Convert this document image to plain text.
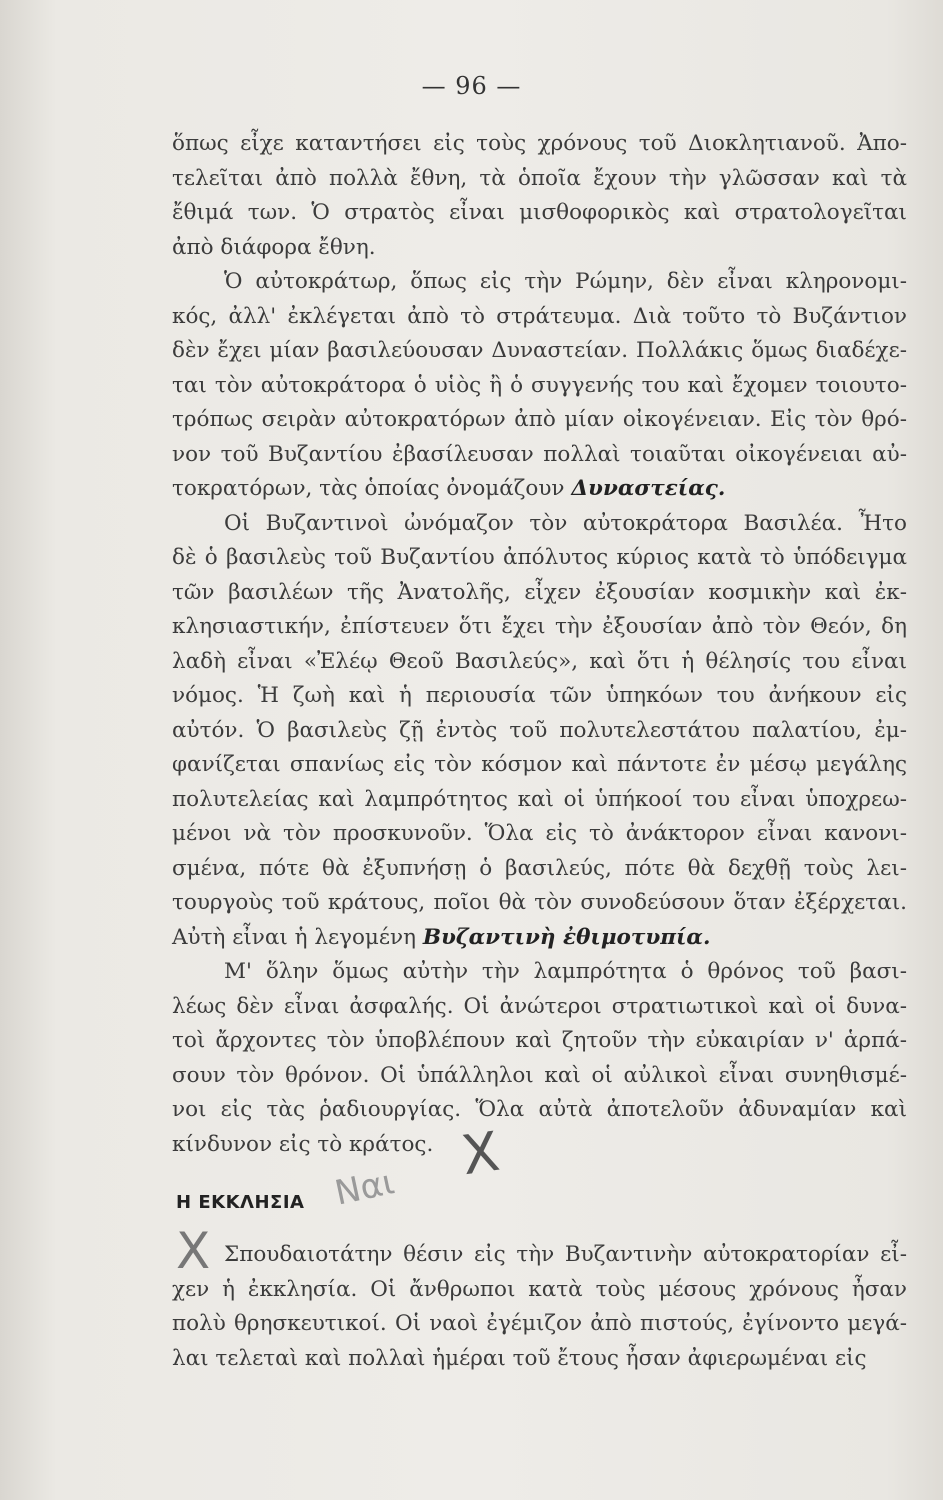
— 96 —

ὅπως εἶχε καταντήσει εἰς τοὺς χρόνους τοῦ Διοκλητιανοῦ. Ἀπο-

τελεῖται ἀπὸ πολλὰ ἔθνη, τὰ ὁποῖα ἔχουν τὴν γλῶσσαν καὶ τὰ

ἔθιμά των. Ὁ στρατὸς εἶναι μισθοφορικὸς καὶ στρατολογεῖται

ἀπὸ διάφορα ἔθνη.

Ὁ αὐτοκράτωρ, ὅπως εἰς τὴν Ρώμην, δὲν εἶναι κληρονομι-

κός, ἀλλ' ἐκλέγεται ἀπὸ τὸ στράτευμα. Διὰ τοῦτο τὸ Βυζάντιον

δὲν ἔχει μίαν βασιλεύουσαν Δυναστείαν. Πολλάκις ὅμως διαδέχε-

ται τὸν αὐτοκράτορα ὁ υἱὸς ἢ ὁ συγγενής του καὶ ἔχομεν τοιουτο-

τρόπως σειρὰν αὐτοκρατόρων ἀπὸ μίαν οἰκογένειαν. Εἰς τὸν θρό-

νον τοῦ Βυζαντίου ἐβασίλευσαν πολλαὶ τοιαῦται οἰκογένειαι αὐ-

τοκρατόρων, τὰς ὁποίας ὀνομάζουν Δυναστείας.

Οἱ Βυζαντινοὶ ὠνόμαζον τὸν αὐτοκράτορα Βασιλέα. Ἦτο

δὲ ὁ βασιλεὺς τοῦ Βυζαντίου ἀπόλυτος κύριος κατὰ τὸ ὑπόδειγμα

τῶν βασιλέων τῆς Ἀνατολῆς, εἶχεν ἐξουσίαν κοσμικὴν καὶ ἐκ-

κλησιαστικήν, ἐπίστευεν ὅτι ἔχει τὴν ἐξουσίαν ἀπὸ τὸν Θεόν, δη

λαδὴ εἶναι «Ἐλέῳ Θεοῦ Βασιλεύς», καὶ ὅτι ἡ θέλησίς του εἶναι

νόμος. Ἡ ζωὴ καὶ ἡ περιουσία τῶν ὑπηκόων του ἀνήκουν εἰς

αὐτόν. Ὁ βασιλεὺς ζῇ ἐντὸς τοῦ πολυτελεστάτου παλατίου, ἐμ-

φανίζεται σπανίως εἰς τὸν κόσμον καὶ πάντοτε ἐν μέσῳ μεγάλης

πολυτελείας καὶ λαμπρότητος καὶ οἱ ὑπήκοοί του εἶναι ὑποχρεω-

μένοι νὰ τὸν προσκυνοῦν. Ὅλα εἰς τὸ ἀνάκτορον εἶναι κανονι-

σμένα, πότε θὰ ἐξυπνήσῃ ὁ βασιλεύς, πότε θὰ δεχθῇ τοὺς λει-

τουργοὺς τοῦ κράτους, ποῖοι θὰ τὸν συνοδεύσουν ὅταν ἐξέρχεται.

Αὐτὴ εἶναι ἡ λεγομένη Βυζαντινὴ ἐθιμοτυπία.

Μ' ὅλην ὅμως αὐτὴν τὴν λαμπρότητα ὁ θρόνος τοῦ βασι-

λέως δὲν εἶναι ἀσφαλής. Οἱ ἀνώτεροι στρατιωτικοὶ καὶ οἱ δυνα-

τοὶ ἄρχοντες τὸν ὑποβλέπουν καὶ ζητοῦν τὴν εὐκαιρίαν ν' ἁρπά-

σουν τὸν θρόνον. Οἱ ὑπάλληλοι καὶ οἱ αὐλικοὶ εἶναι συνηθισμέ-

νοι εἰς τὰς ῥαδιουργίας. Ὅλα αὐτὰ ἀποτελοῦν ἀδυναμίαν καὶ

κίνδυνον εἰς τὸ κράτος.

Η ΕΚΚΛΗΣΙΑ

Σπουδαιοτάτην θέσιν εἰς τὴν Βυζαντινὴν αὐτοκρατορίαν εἶ-

χεν ἡ ἐκκλησία. Οἱ ἄνθρωποι κατὰ τοὺς μέσους χρόνους ἦσαν

πολὺ θρησκευτικοί. Οἱ ναοὶ ἐγέμιζον ἀπὸ πιστούς, ἐγίνοντο μεγά-

λαι τελεταὶ καὶ πολλαὶ ἡμέραι τοῦ ἔτους ἦσαν ἀφιερωμέναι εἰς

X
X
Ναι
